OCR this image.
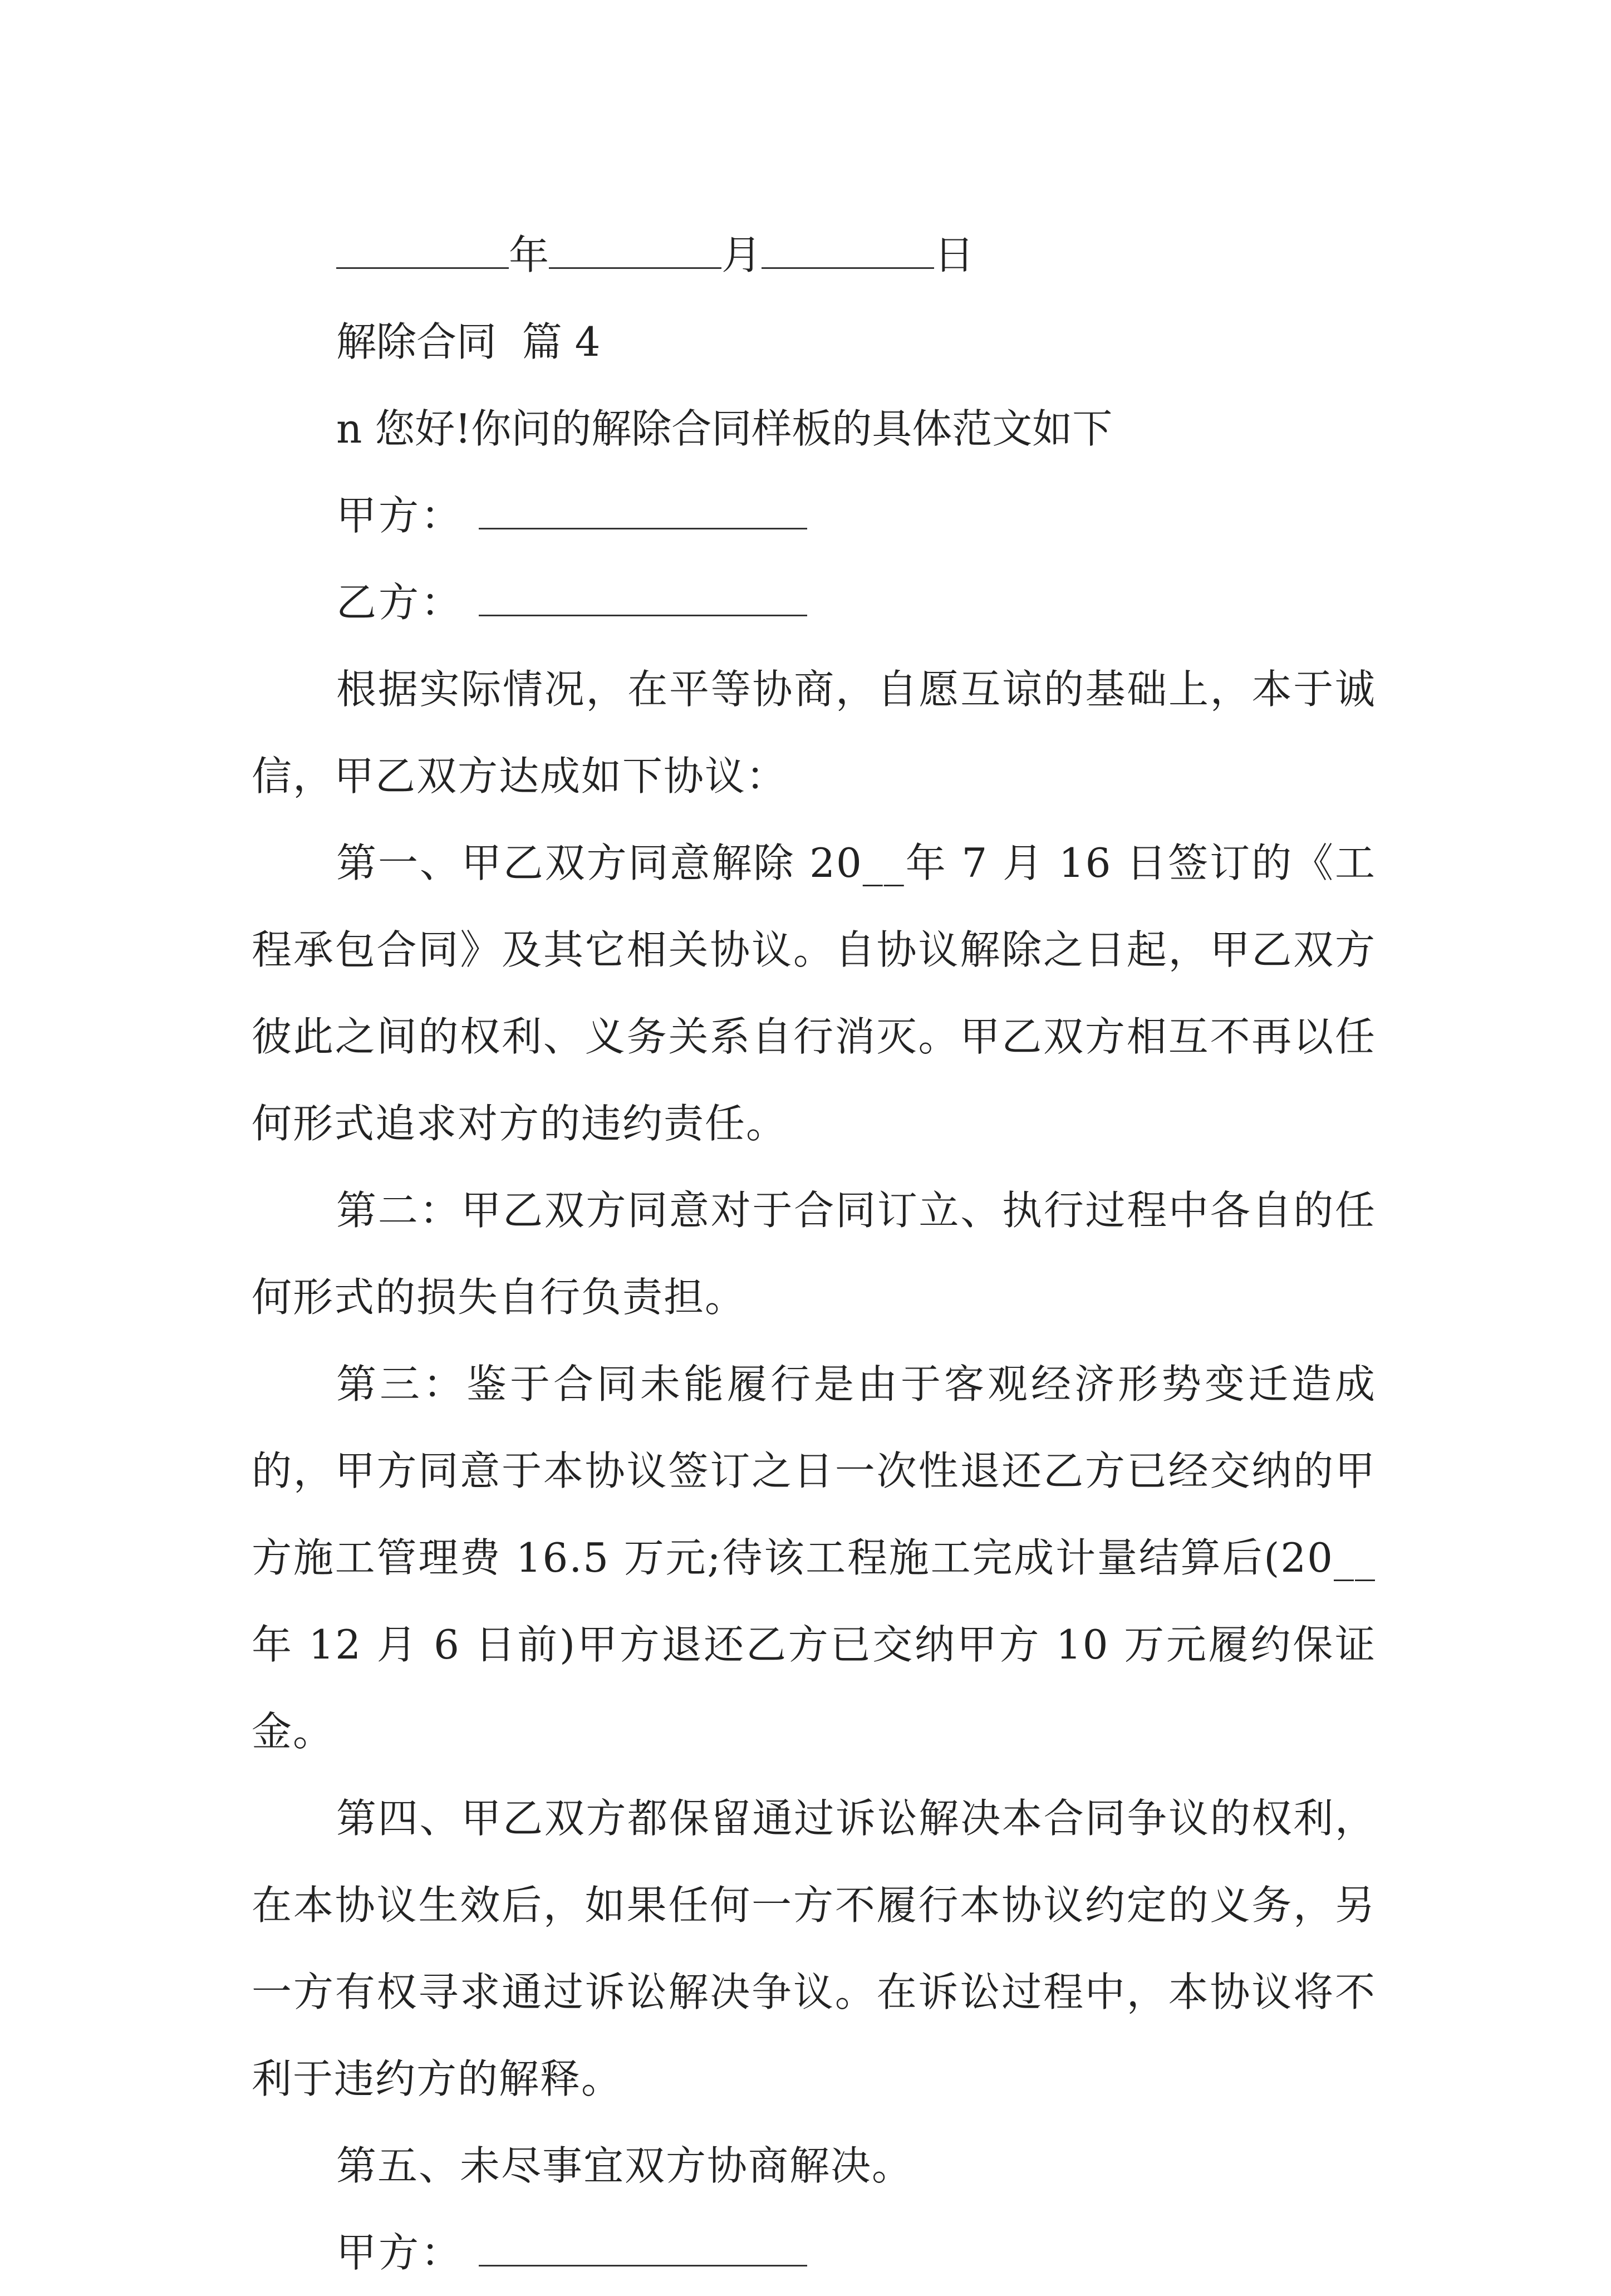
年	月	日

解除合同  篇 4

n 您好!你问的解除合同样板的具体范文如下

甲方：

乙方：

根据实际情况，在平等协商，自愿互谅的基础上，本于诚信，甲乙双方达成如下协议：

第一、甲乙双方同意解除 20__年 7 月 16 日签订的《工程承包合同》及其它相关协议。自协议解除之日起，甲乙双方彼此之间的权利、义务关系自行消灭。甲乙双方相互不再以任何形式追求对方的违约责任。

第二：甲乙双方同意对于合同订立、执行过程中各自的任何形式的损失自行负责担。

第三：鉴于合同未能履行是由于客观经济形势变迁造成的，甲方同意于本协议签订之日一次性退还乙方已经交纳的甲方施工管理费 16.5 万元;待该工程施工完成计量结算后(20__年 12 月 6 日前)甲方退还乙方已交纳甲方 10 万元履约保证金。

第四、甲乙双方都保留通过诉讼解决本合同争议的权利，在本协议生效后，如果任何一方不履行本协议约定的义务，另一方有权寻求通过诉讼解决争议。在诉讼过程中，本协议将不利于违约方的解释。

第五、未尽事宜双方协商解决。

甲方：
